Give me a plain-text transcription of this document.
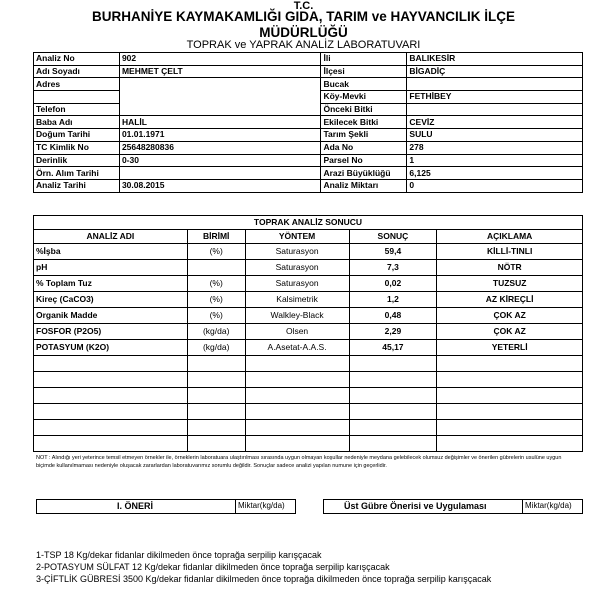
T.C.
BURHANİYE KAYMAKAMLIĞI GIDA, TARIM ve HAYVANCILIK İLÇE
MÜDÜRLÜĞÜ
TOPRAK ve YAPRAK ANALİZ LABORATUVARI
Analiz No	902	İli	BALIKESİR
Adı Soyadı	MEHMET ÇELT	İlçesi	BİGADİÇ
Adres		Bucak	
		Köy-Mevki	FETHİBEY
Telefon		Önceki Bitki	
Baba Adı	HALİL	Ekilecek Bitki	CEVİZ
Doğum Tarihi	01.01.1971	Tarım Şekli	SULU
TC Kimlik No	25648280836	Ada No	278
Derinlik	0-30	Parsel No	1
Örn. Alım Tarihi		Arazi Büyüklüğü	6,125
Analiz Tarihi	30.08.2015	Analiz Miktarı	0
TOPRAK ANALİZ SONUCU				
ANALİZ ADI	BİRİMİ	YÖNTEM	SONUÇ	AÇIKLAMA
%İşba	(%)	Saturasyon	59,4	KİLLİ-TINLI
pH		Saturasyon	7,3	NÖTR
% Toplam Tuz	(%)	Saturasyon	0,02	TUZSUZ
Kireç (CaCO3)	(%)	Kalsimetrik	1,2	AZ KİREÇLİ
Organik Madde	(%)	Walkley-Black	0,48	ÇOK AZ
FOSFOR (P2O5)	(kg/da)	Olsen	2,29	ÇOK AZ
POTASYUM (K2O)	(kg/da)	A.Asetat-A.A.S.	45,17	YETERLİ

NOT : Alındığı yeri yeterince temsil etmeyen örnekler ile, örneklerin laboratuara ulaştırılması sırasında uygun olmayan koşullar nedeniyle meydana gelebilecek olumsuz değişimler ve önerilen gübrelerin usulüne uygun biçimde kullanılmaması nedeniyle oluşacak zararlardan laboratuvarımız sorumlu değildir. Sonuçlar sadece analizi yapılan numune için geçerlidir.
I. ÖNERİ	Miktar(kg/da)	Üst Gübre Önerisi ve Uygulaması	Miktar(kg/da)
1-TSP 18 Kg/dekar fidanlar dikilmeden önce toprağa serpilip karışçacak
2-POTASYUM SÜLFAT 12 Kg/dekar fidanlar dikilmeden önce toprağa serpilip karışçacak
3-ÇİFTLİK GÜBRESİ 3500 Kg/dekar fidanlar dikilmeden önce toprağa dikilmeden önce toprağa serpilip karışçacak
